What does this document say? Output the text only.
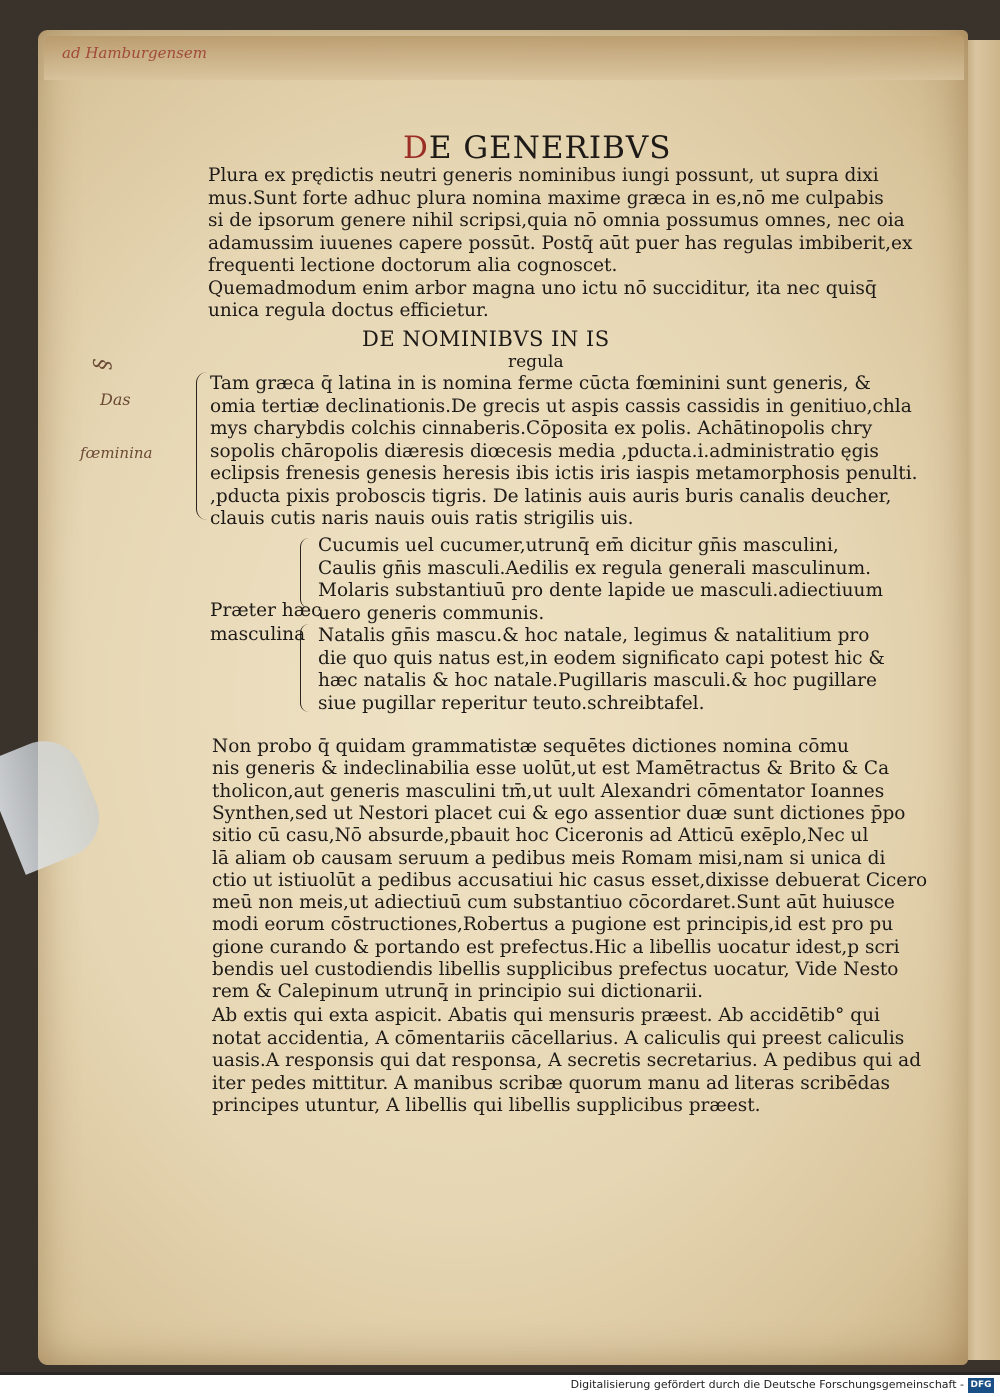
ad Hamburgensem
DE GENERIBVS
Plura ex prędictis neutri generis nominibus iungi possunt, ut supra dixi
mus.Sunt forte adhuc plura nomina maxime græca in es,nō me culpabis
si de ipsorum genere nihil scripsi,quia nō omnia possumus omnes, nec oia
adamussim iuuenes capere possūt. Postq̄ aūt puer has regulas imbiberit,ex
frequenti lectione doctorum alia cognoscet.
Quemadmodum enim arbor magna uno ictu nō succiditur, ita nec quisq̄
unica regula doctus efficietur.
DE NOMINIBVS IN IS
regula
Tam græca q̄ latina in is nomina ferme cūcta fœminini sunt generis, &
omia tertiæ declinationis.De grecis ut aspis cassis cassidis in genitiuo,chla
mys charybdis colchis cinnaberis.Cōposita ex polis. Achātinopolis chry
sopolis chāropolis diæresis diœcesis media ,pducta.i.administratio ęgis
eclipsis frenesis genesis heresis ibis ictis iris iaspis metamorphosis penulti.
,pducta pixis proboscis tigris. De latinis auis auris buris canalis deucher,
clauis cutis naris nauis ouis ratis strigilis uis.
Præter hæc
masculina
Cucumis uel cucumer,utrunq̄ em̄ dicitur gn̄is masculini,
Caulis gn̄is masculi.Aedilis ex regula generali masculinum.
Molaris substantiuū pro dente lapide ue masculi.adiectiuum
uero generis communis.
Natalis gn̄is mascu.& hoc natale, legimus & natalitium pro
die quo quis natus est,in eodem significato capi potest hic &
hæc natalis & hoc natale.Pugillaris masculi.& hoc pugillare
siue pugillar reperitur teuto.schreibtafel.
Non probo q̄ quidam grammatistæ sequētes dictiones nomina cōmu
nis generis & indeclinabilia esse uolūt,ut est Mamētractus & Brito & Ca
tholicon,aut generis masculini tm̄,ut uult Alexandri cōmentator Ioannes
Synthen,sed ut Nestori placet cui & ego assentior duæ sunt dictiones p̄po
sitio cū casu,Nō absurde,pbauit hoc Ciceronis ad Atticū exēplo,Nec ul
lā aliam ob causam seruum a pedibus meis Romam misi,nam si unica di
ctio ut istiuolūt a pedibus accusatiui hic casus esset,dixisse debuerat Cicero
meū non meis,ut adiectiuū cum substantiuo cōcordaret.Sunt aūt huiusce
modi eorum cōstructiones,Robertus a pugione est principis,id est pro pu
gione curando & portando est prefectus.Hic a libellis uocatur idest,p scri
bendis uel custodiendis libellis supplicibus prefectus uocatur, Vide Nesto
rem & Calepinum utrunq̄ in principio sui dictionarii.
Ab extis qui exta aspicit. Abatis qui mensuris præest. Ab accidētib° qui
notat accidentia, A cōmentariis cācellarius. A caliculis qui preest caliculis
uasis.A responsis qui dat responsa, A secretis secretarius. A pedibus qui ad
iter pedes mittitur. A manibus scribæ quorum manu ad literas scribēdas
principes utuntur, A libellis qui libellis supplicibus præest.
§
Das
fœminina
Digitalisierung gefördert durch die Deutsche Forschungsgemeinschaft - DFG
